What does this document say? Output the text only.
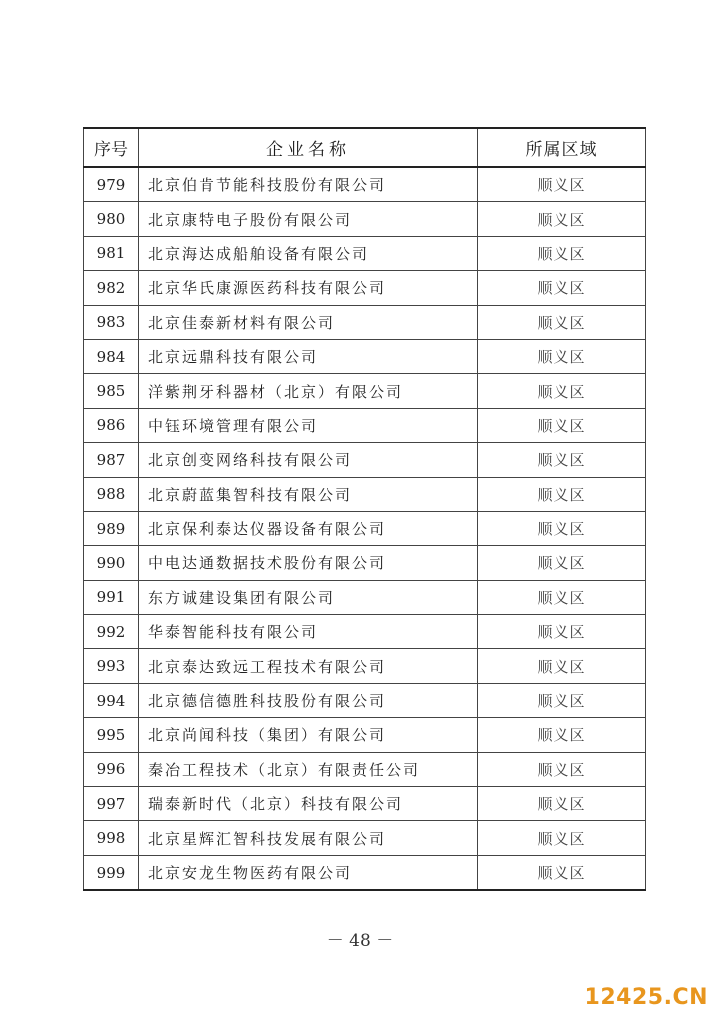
序号	企业名称	所属区域
979	北京伯肯节能科技股份有限公司	顺义区
980	北京康特电子股份有限公司	顺义区
981	北京海达成船舶设备有限公司	顺义区
982	北京华氏康源医药科技有限公司	顺义区
983	北京佳泰新材料有限公司	顺义区
984	北京远鼎科技有限公司	顺义区
985	洋紫荆牙科器材（北京）有限公司	顺义区
986	中钰环境管理有限公司	顺义区
987	北京创变网络科技有限公司	顺义区
988	北京蔚蓝集智科技有限公司	顺义区
989	北京保利泰达仪器设备有限公司	顺义区
990	中电达通数据技术股份有限公司	顺义区
991	东方诚建设集团有限公司	顺义区
992	华泰智能科技有限公司	顺义区
993	北京泰达致远工程技术有限公司	顺义区
994	北京德信德胜科技股份有限公司	顺义区
995	北京尚闻科技（集团）有限公司	顺义区
996	秦冶工程技术（北京）有限责任公司	顺义区
997	瑞泰新时代（北京）科技有限公司	顺义区
998	北京星辉汇智科技发展有限公司	顺义区
999	北京安龙生物医药有限公司	顺义区
－ 48 －
12425.CN
